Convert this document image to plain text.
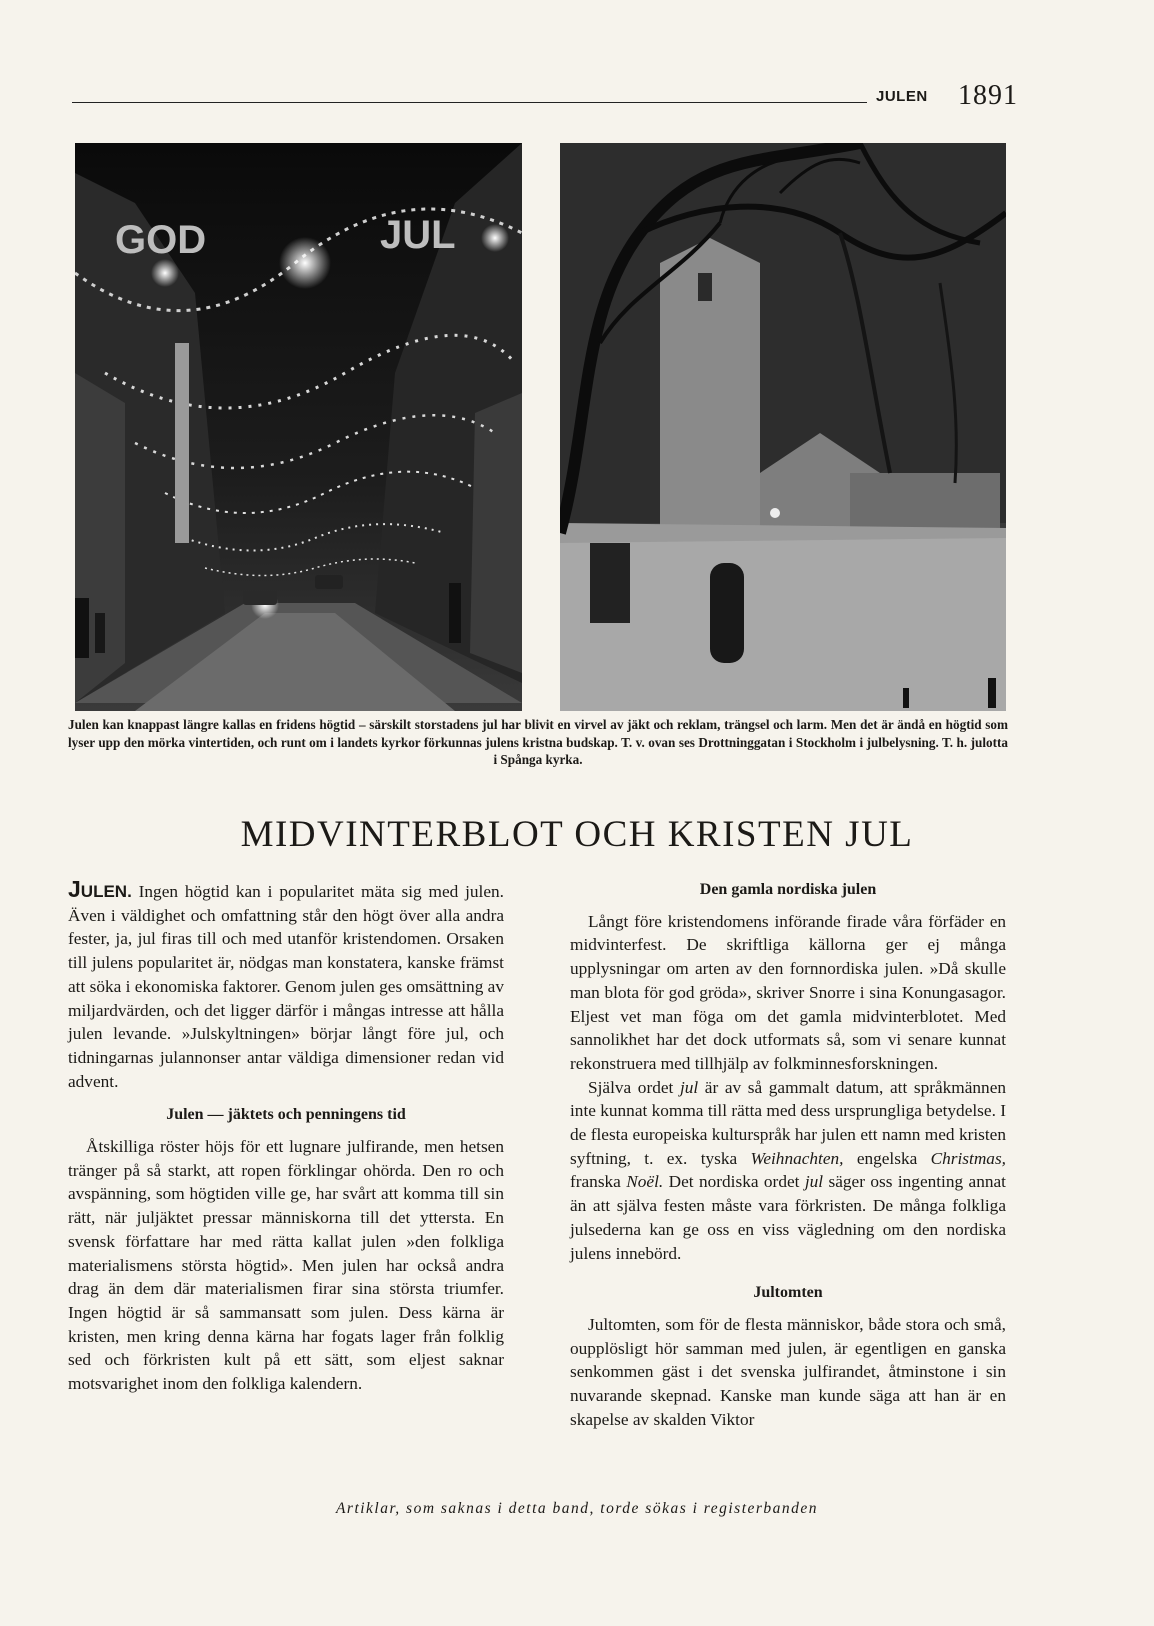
JULEN 1891
GOD	JUL
Julen kan knappast längre kallas en fridens högtid – särskilt storstadens jul har blivit en virvel av jäkt och reklam, trängsel och larm. Men det är ändå en högtid som lyser upp den mörka vintertiden, och runt om i landets kyrkor förkunnas julens kristna budskap. T. v. ovan ses Drottninggatan i Stockholm i julbelysning. T. h. julotta i Spånga kyrka.
MIDVINTERBLOT OCH KRISTEN JUL

JULEN. Ingen högtid kan i popularitet mäta sig med julen. Även i väldighet och omfattning står den högt över alla andra fester, ja, jul firas till och med utanför kristendomen. Orsaken till julens popularitet är, nödgas man konstatera, kanske främst att söka i ekonomiska faktorer. Genom julen ges omsättning av miljardvärden, och det ligger därför i mångas intresse att hålla julen levande. »Julskyltningen» börjar långt före jul, och tidningarnas julannonser antar väldiga dimensioner redan vid advent.

Julen — jäktets och penningens tid

Åtskilliga röster höjs för ett lugnare julfirande, men hetsen tränger på så starkt, att ropen förklingar ohörda. Den ro och avspänning, som högtiden ville ge, har svårt att komma till sin rätt, när juljäktet pressar människorna till det yttersta. En svensk författare har med rätta kallat julen »den folkliga materialismens största högtid». Men julen har också andra drag än dem där materialismen firar sina största triumfer. Ingen högtid är så sammansatt som julen. Dess kärna är kristen, men kring denna kärna har fogats lager från folklig sed och förkristen kult på ett sätt, som eljest saknar motsvarighet inom den folkliga kalendern.

Den gamla nordiska julen

Långt före kristendomens införande firade våra förfäder en midvinterfest. De skriftliga källorna ger ej många upplysningar om arten av den fornnordiska julen. »Då skulle man blota för god gröda», skriver Snorre i sina Konungasagor. Eljest vet man föga om det gamla midvinterblotet. Med sannolikhet har det dock utformats så, som vi senare kunnat rekonstruera med tillhjälp av folkminnesforskningen.

Själva ordet jul är av så gammalt datum, att språkmännen inte kunnat komma till rätta med dess ursprungliga betydelse. I de flesta europeiska kulturspråk har julen ett namn med kristen syftning, t. ex. tyska Weihnachten, engelska Christmas, franska Noël. Det nordiska ordet jul säger oss ingenting annat än att själva festen måste vara förkristen. De många folkliga julsederna kan ge oss en viss vägledning om den nordiska julens innebörd.

Jultomten

Jultomten, som för de flesta människor, både stora och små, oupplösligt hör samman med julen, är egentligen en ganska senkommen gäst i det svenska julfirandet, åtminstone i sin nuvarande skepnad. Kanske man kunde säga att han är en skapelse av skalden Viktor

Artiklar, som saknas i detta band, torde sökas i registerbanden
